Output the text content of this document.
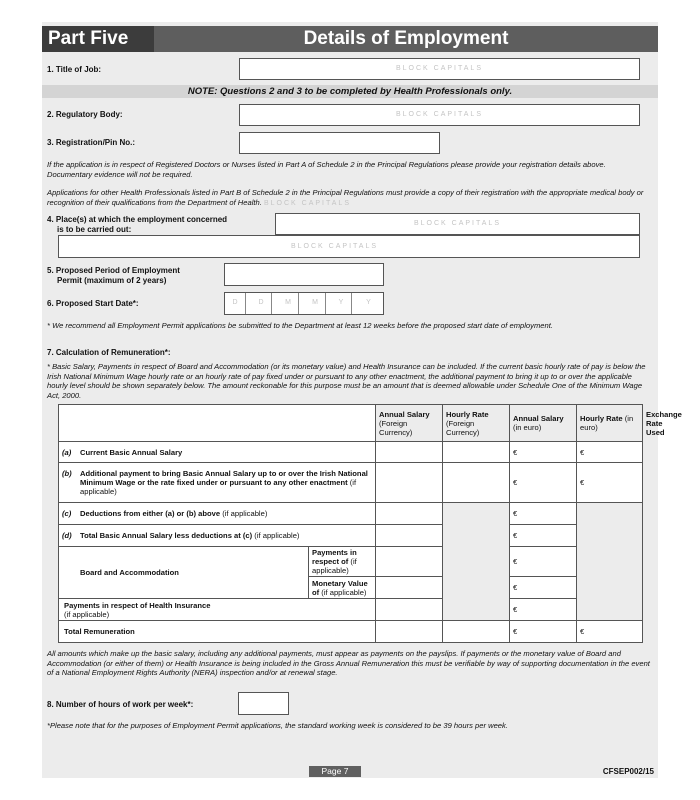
Part Five	Details of Employment
1. Title of Job:	BLOCK CAPITALS
NOTE: Questions 2 and 3 to be completed by Health Professionals only.
2. Regulatory Body:	BLOCK CAPITALS
3. Registration/Pin No.:
If the application is in respect of Registered Doctors or Nurses listed in Part A of Schedule 2 in the Principal Regulations please provide your registration details above. Documentary evidence will not be required.
Applications for other Health Professionals listed in Part B of Schedule 2 in the Principal Regulations must provide a copy of their registration with the appropriate medical body or recognition of their qualifications from the Department of Health. BLOCK CAPITALS
4. Place(s) at which the employment concerned
is to be carried out:
BLOCK CAPITALS
BLOCK CAPITALS
5. Proposed Period of Employment
Permit (maximum of 2 years)
6. Proposed Start Date*:	D	D	M	M	Y	Y
* We recommend all Employment Permit applications be submitted to the Department at least 12 weeks before the proposed start date of employment.
7. Calculation of Remuneration*:
* Basic Salary, Payments in respect of Board and Accommodation (or its monetary value) and Health Insurance can be included. If the current basic hourly rate of pay is below the Irish National Minimum Wage hourly rate or an hourly rate of pay fixed under or pursuant to any other enactment, the additional payment to bring it up to or over the applicable hourly level should be shown separately below. The amount reckonable for this purpose must be an amount that is deemed allowable under Schedule One of the Minimum Wage Act, 2000.
		Annual Salary (Foreign Currency)	Hourly Rate (Foreign Currency)	Annual Salary (in euro)	Hourly Rate (in euro)	Exchange Rate Used
(a) Current Basic Annual Salary				€	€	

(b) Additional payment to bring Basic Annual Salary up to or over the Irish National Minimum Wage or the rate fixed under or pursuant to any other enactment (if applicable)				€	€	

(c) Deductions from either (a) or (b) above (if applicable)				€		

(d) Total Basic Annual Salary less deductions at (c) (if applicable)				€		
Board and Accommodation	Payments in respect of (if applicable)			€		
	Monetary Value of (if applicable)			€		
Payments in respect of Health Insurance
(if applicable)				€		
Total Remuneration				€	€	
All amounts which make up the basic salary, including any additional payments, must appear as payments on the payslips. If payments or the monetary value of Board and Accommodation (or either of them) or Health Insurance is being included in the Gross Annual Remuneration this must be verifiable by way of supporting documentation in the event of a National Employment Rights Authority (NERA) inspection and/or at renewal stage.
8. Number of hours of work per week*:
*Please note that for the purposes of Employment Permit applications, the standard working week is considered to be 39 hours per week.
Page 7	CFSEP002/15
